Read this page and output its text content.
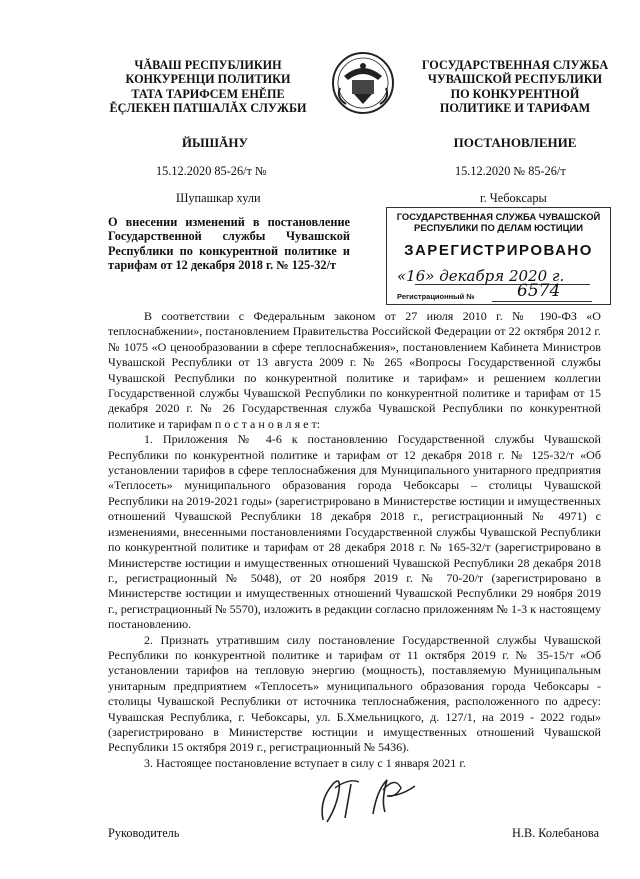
ЧĂВАШ РЕСПУБЛИКИН
КОНКУРЕНЦИ ПОЛИТИКИ
ТАТА ТАРИФСЕМ ЕНĔПЕ
ĔÇЛЕКЕН ПАТШАЛĂХ СЛУЖБИ
ГОСУДАРСТВЕННАЯ СЛУЖБА
ЧУВАШСКОЙ РЕСПУБЛИКИ
ПО КОНКУРЕНТНОЙ
ПОЛИТИКЕ И ТАРИФАМ
ЙЫШĂНУ	ПОСТАНОВЛЕНИЕ
15.12.2020 85-26/т №	15.12.2020 № 85-26/т
Шупашкар хули	г. Чебоксары
О внесении изменений в постановление Государственной службы Чувашской Республики по конкурентной политике и тарифам от 12 декабря 2018 г. № 125-32/т
ГОСУДАРСТВЕННАЯ СЛУЖБА ЧУВАШСКОЙ
РЕСПУБЛИКИ ПО ДЕЛАМ ЮСТИЦИИ
ЗАРЕГИСТРИРОВАНО
«16» декабря 2020 г.
Регистрационный № 6574

В соответствии с Федеральным законом от 27 июля 2010 г. № 190-ФЗ «О теплоснабжении», постановлением Правительства Российской Федерации от 22 октября 2012 г. № 1075 «О ценообразовании в сфере теплоснабжения», постановлением Кабинета Министров Чувашской Республики от 13 августа 2009 г. № 265 «Вопросы Государственной службы Чувашской Республики по конкурентной политике и тарифам» и решением коллегии Государственной службы Чувашской Республики по конкурентной политике и тарифам от 15 декабря 2020 г. № 26 Государственная служба Чувашской Республики по конкурентной политике и тарифам п о с т а н о в л я е т:

1. Приложения № 4-6 к постановлению Государственной службы Чувашской Республики по конкурентной политике и тарифам от 12 декабря 2018 г. № 125-32/т «Об установлении тарифов в сфере теплоснабжения для Муниципального унитарного предприятия «Теплосеть» муниципального образования города Чебоксары – столицы Чувашской Республики на 2019-2021 годы» (зарегистрировано в Министерстве юстиции и имущественных отношений Чувашской Республики 18 декабря 2018 г., регистрационный № 4971) с изменениями, внесенными постановлениями Государственной службы Чувашской Республики по конкурентной политике и тарифам от 28 декабря 2018 г. № 165-32/т (зарегистрировано в Министерстве юстиции и имущественных отношений Чувашской Республики 28 декабря 2018 г., регистрационный № 5048), от 20 ноября 2019 г. № 70-20/т (зарегистрировано в Министерстве юстиции и имущественных отношений Чувашской Республики 29 ноября 2019 г., регистрационный № 5570), изложить в редакции согласно приложениям № 1-3 к настоящему постановлению.

2. Признать утратившим силу постановление Государственной службы Чувашской Республики по конкурентной политике и тарифам от 11 октября 2019 г. № 35-15/т «Об установлении тарифов на тепловую энергию (мощность), поставляемую Муниципальным унитарным предприятием «Теплосеть» муниципального образования города Чебоксары - столицы Чувашской Республики от источника теплоснабжения, расположенного по адресу: Чувашская Республика, г. Чебоксары, ул. Б.Хмельницкого, д. 127/1, на 2019 - 2022 годы» (зарегистрировано в Министерстве юстиции и имущественных отношений Чувашской Республики 15 октября 2019 г., регистрационный № 5436).

3. Настоящее постановление вступает в силу с 1 января 2021 г.

Руководитель	Н.В. Колебанова
